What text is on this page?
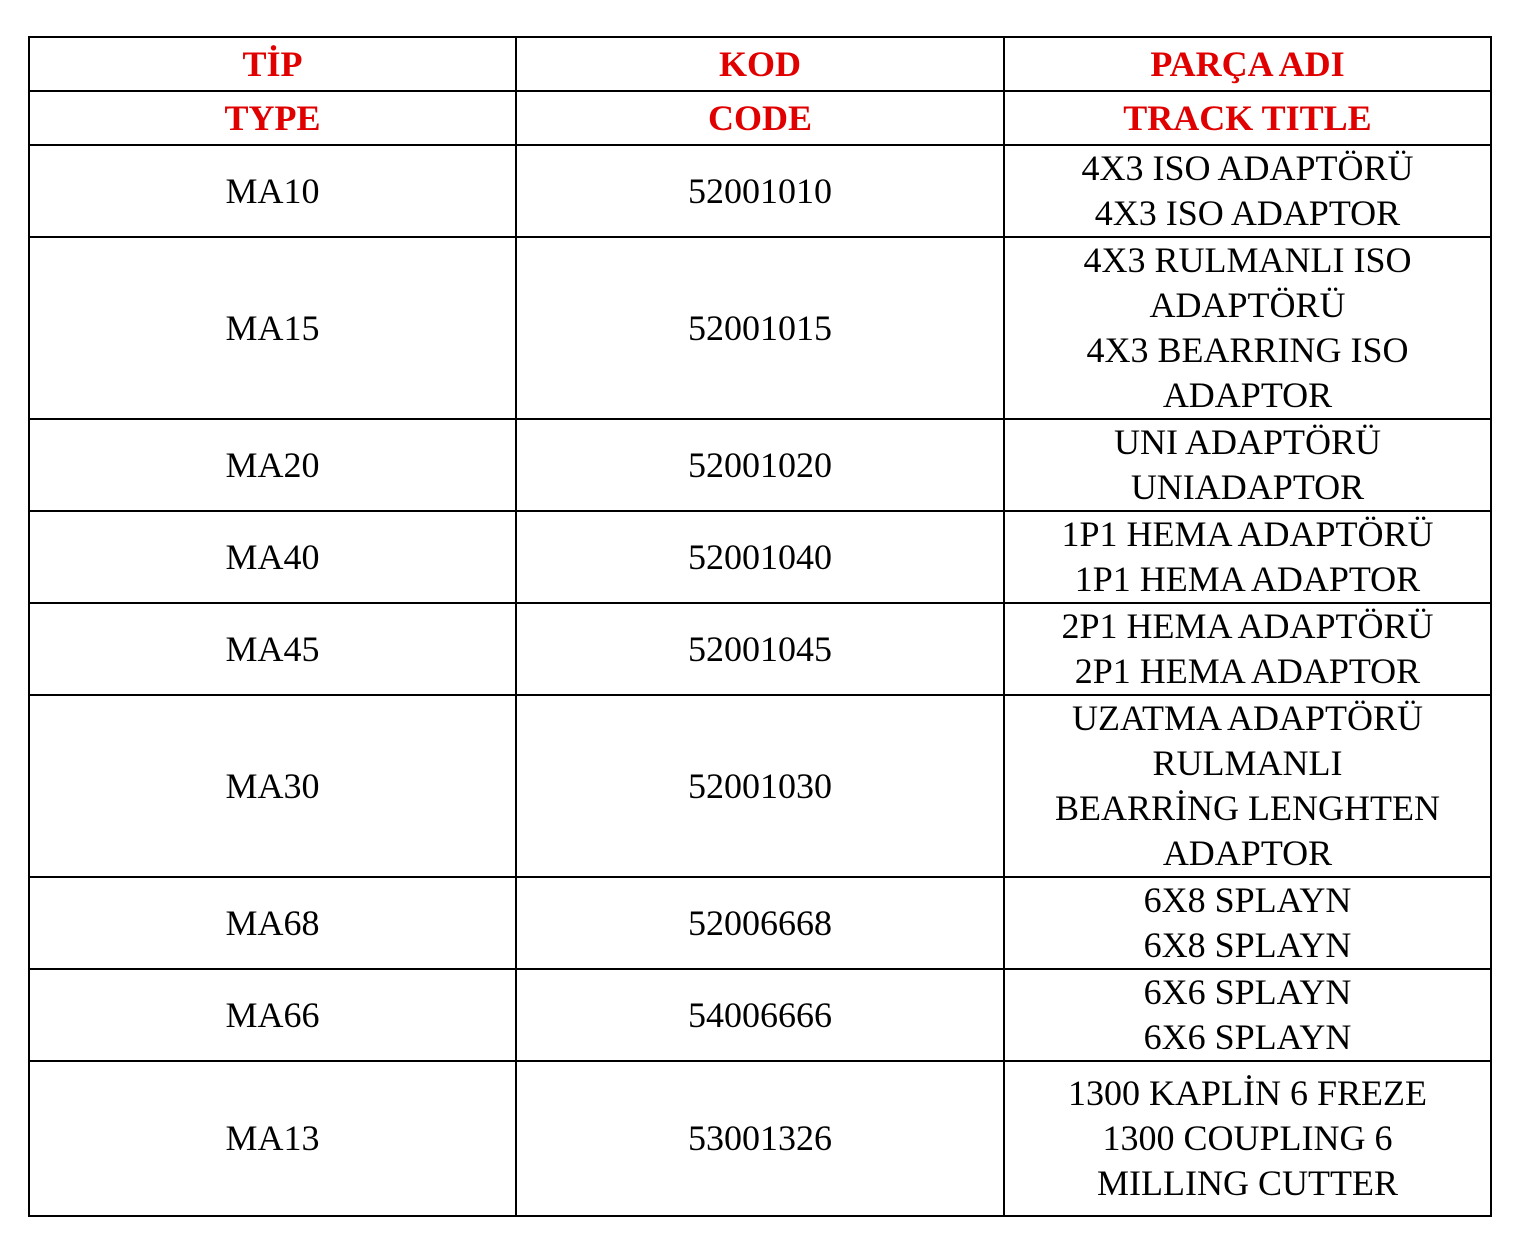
TİP	KOD	PARÇA ADI
TYPE	CODE	TRACK TITLE
MA10	52001010	4X3 ISO ADAPTÖRÜ
4X3 ISO ADAPTOR

MA15	52001015	4X3 RULMANLI ISO
ADAPTÖRÜ
4X3 BEARRING ISO
ADAPTOR

MA20	52001020	UNI ADAPTÖRÜ
UNIADAPTOR

MA40	52001040	1P1 HEMA ADAPTÖRÜ
1P1 HEMA ADAPTOR

MA45	52001045	2P1 HEMA ADAPTÖRÜ
2P1 HEMA ADAPTOR

MA30	52001030	UZATMA ADAPTÖRÜ
RULMANLI
BEARRİNG LENGHTEN
ADAPTOR

MA68	52006668	6X8 SPLAYN
6X8 SPLAYN

MA66	54006666	6X6 SPLAYN
6X6 SPLAYN

MA13	53001326	1300 KAPLİN 6 FREZE
1300 COUPLING 6
MILLING CUTTER
